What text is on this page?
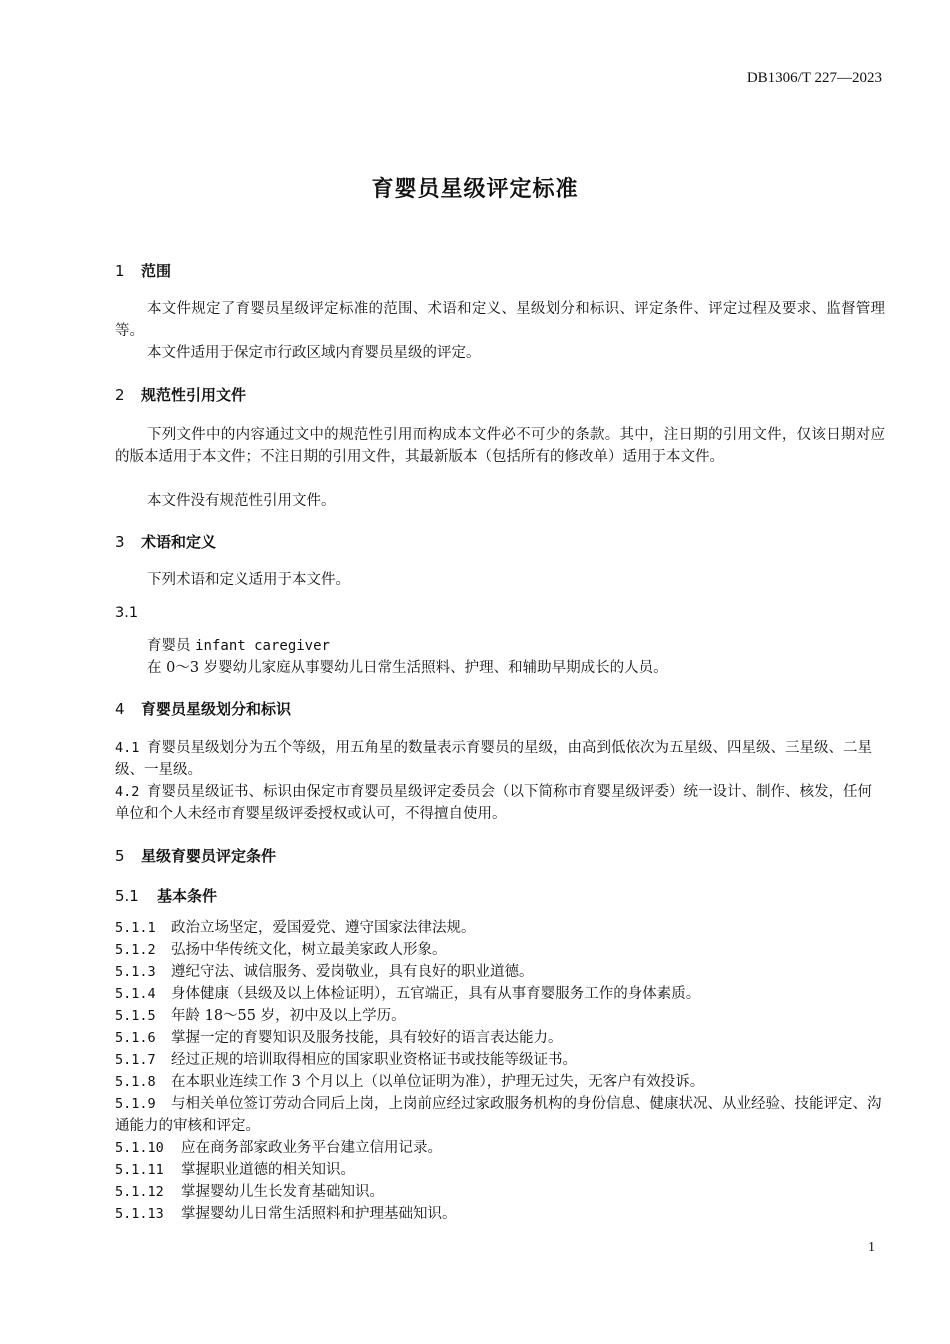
DB1306/T 227—2023
育婴员星级评定标准
1 范围
本文件规定了育婴员星级评定标准的范围、术语和定义、星级划分和标识、评定条件、评定过程及要求、监督管理等。
本文件适用于保定市行政区域内育婴员星级的评定。
2 规范性引用文件
下列文件中的内容通过文中的规范性引用而构成本文件必不可少的条款。其中，注日期的引用文件，仅该日期对应的版本适用于本文件；不注日期的引用文件，其最新版本（包括所有的修改单）适用于本文件。
本文件没有规范性引用文件。
3 术语和定义
下列术语和定义适用于本文件。
3.1
育婴员 infant caregiver
在 0～3 岁婴幼儿家庭从事婴幼儿日常生活照料、护理、和辅助早期成长的人员。
4 育婴员星级划分和标识
4.1 育婴员星级划分为五个等级，用五角星的数量表示育婴员的星级，由高到低依次为五星级、四星级、三星级、二星级、一星级。
4.2 育婴员星级证书、标识由保定市育婴员星级评定委员会（以下简称市育婴星级评委）统一设计、制作、核发，任何单位和个人未经市育婴星级评委授权或认可，不得擅自使用。
5 星级育婴员评定条件
5.1 基本条件
5.1.1 政治立场坚定，爱国爱党、遵守国家法律法规。
5.1.2 弘扬中华传统文化，树立最美家政人形象。
5.1.3 遵纪守法、诚信服务、爱岗敬业，具有良好的职业道德。
5.1.4 身体健康（县级及以上体检证明），五官端正，具有从事育婴服务工作的身体素质。
5.1.5 年龄 18～55 岁，初中及以上学历。
5.1.6 掌握一定的育婴知识及服务技能，具有较好的语言表达能力。
5.1.7 经过正规的培训取得相应的国家职业资格证书或技能等级证书。
5.1.8 在本职业连续工作 3 个月以上（以单位证明为准），护理无过失，无客户有效投诉。
5.1.9 与相关单位签订劳动合同后上岗，上岗前应经过家政服务机构的身份信息、健康状况、从业经验、技能评定、沟通能力的审核和评定。
5.1.10 应在商务部家政业务平台建立信用记录。
5.1.11 掌握职业道德的相关知识。
5.1.12 掌握婴幼儿生长发育基础知识。
5.1.13 掌握婴幼儿日常生活照料和护理基础知识。
1
